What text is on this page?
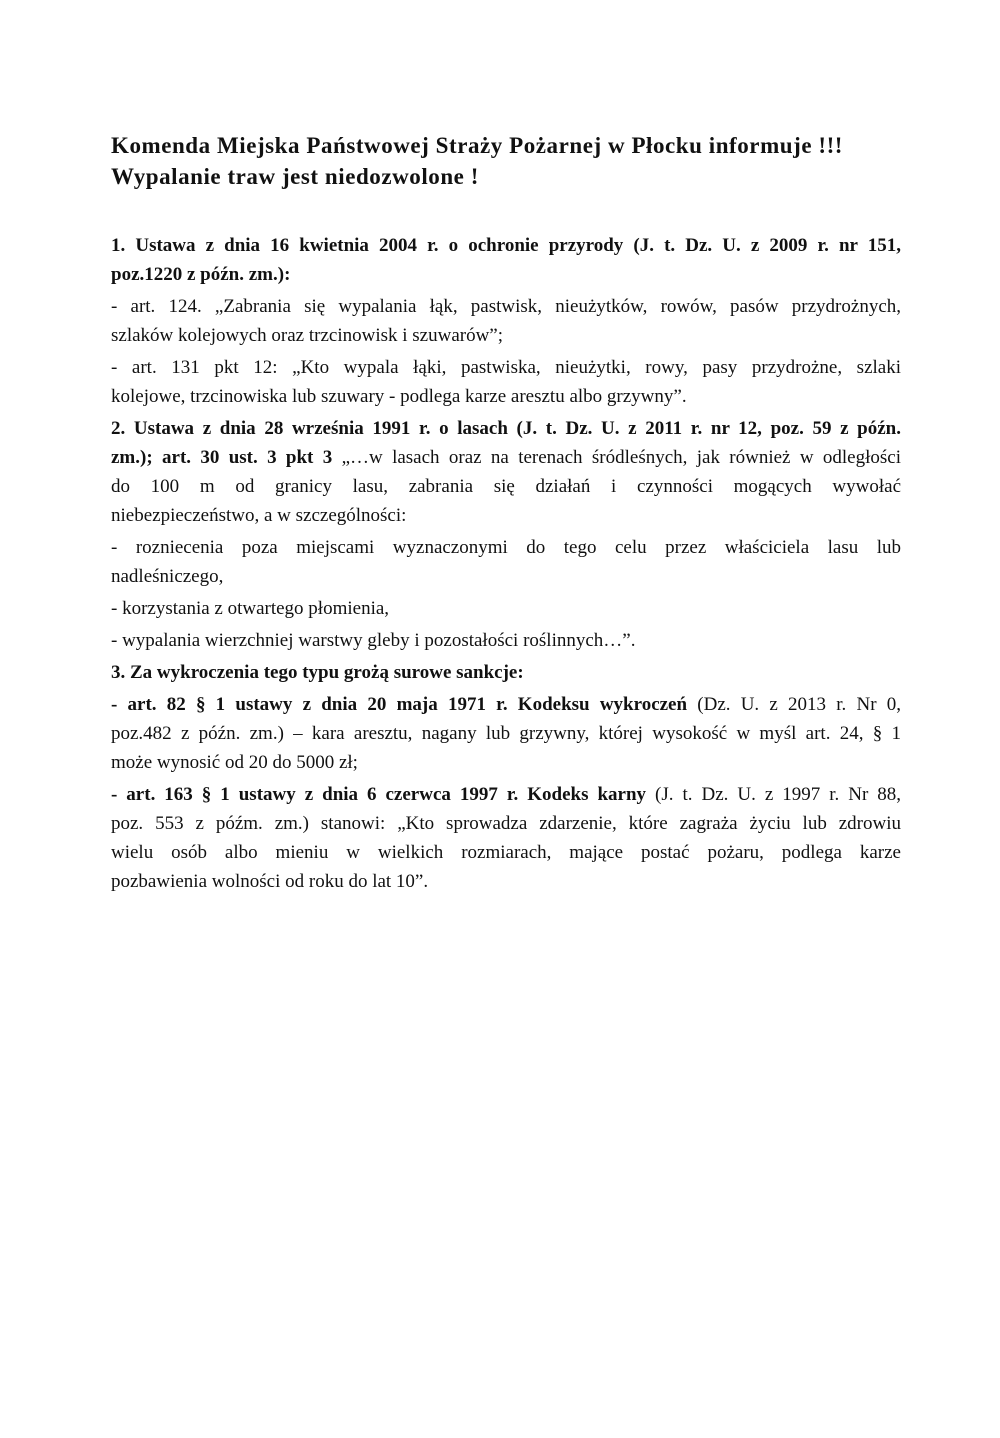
Komenda Miejska Państwowej Straży Pożarnej w Płocku informuje !!!

Wypalanie traw jest niedozwolone !

1. Ustawa z dnia 16 kwietnia 2004 r. o ochronie przyrody (J. t. Dz. U. z 2009 r. nr 151,
poz.1220 z późn. zm.):
- art. 124. „Zabrania się wypalania łąk, pastwisk, nieużytków, rowów, pasów przydrożnych,
szlaków kolejowych oraz trzcinowisk i szuwarów”;
- art. 131 pkt 12: „Kto wypala łąki, pastwiska, nieużytki, rowy, pasy przydrożne, szlaki
kolejowe, trzcinowiska lub szuwary - podlega karze aresztu albo grzywny”.
2. Ustawa z dnia 28 września 1991 r. o lasach (J. t. Dz. U. z 2011 r. nr 12, poz. 59 z późn.
zm.); art. 30 ust. 3 pkt 3 „…w lasach oraz na terenach śródleśnych, jak również w odległości
do 100 m od granicy lasu, zabrania się działań i czynności mogących wywołać
niebezpieczeństwo, a w szczególności:
- rozniecenia poza miejscami wyznaczonymi do tego celu przez właściciela lasu lub
nadleśniczego,
- korzystania z otwartego płomienia,
- wypalania wierzchniej warstwy gleby i pozostałości roślinnych…”.
3. Za wykroczenia tego typu grożą surowe sankcje:
- art. 82 § 1 ustawy z dnia 20 maja 1971 r. Kodeksu wykroczeń (Dz. U. z 2013 r. Nr 0,
poz.482 z późn. zm.) – kara aresztu, nagany lub grzywny, której wysokość w myśl art. 24, § 1
może wynosić od 20 do 5000 zł;
- art. 163 § 1 ustawy z dnia 6 czerwca 1997 r. Kodeks karny (J. t. Dz. U. z 1997 r. Nr 88,
poz. 553 z późm. zm.) stanowi: „Kto sprowadza zdarzenie, które zagraża życiu lub zdrowiu
wielu osób albo mieniu w wielkich rozmiarach, mające postać pożaru, podlega karze
pozbawienia wolności od roku do lat 10”.
